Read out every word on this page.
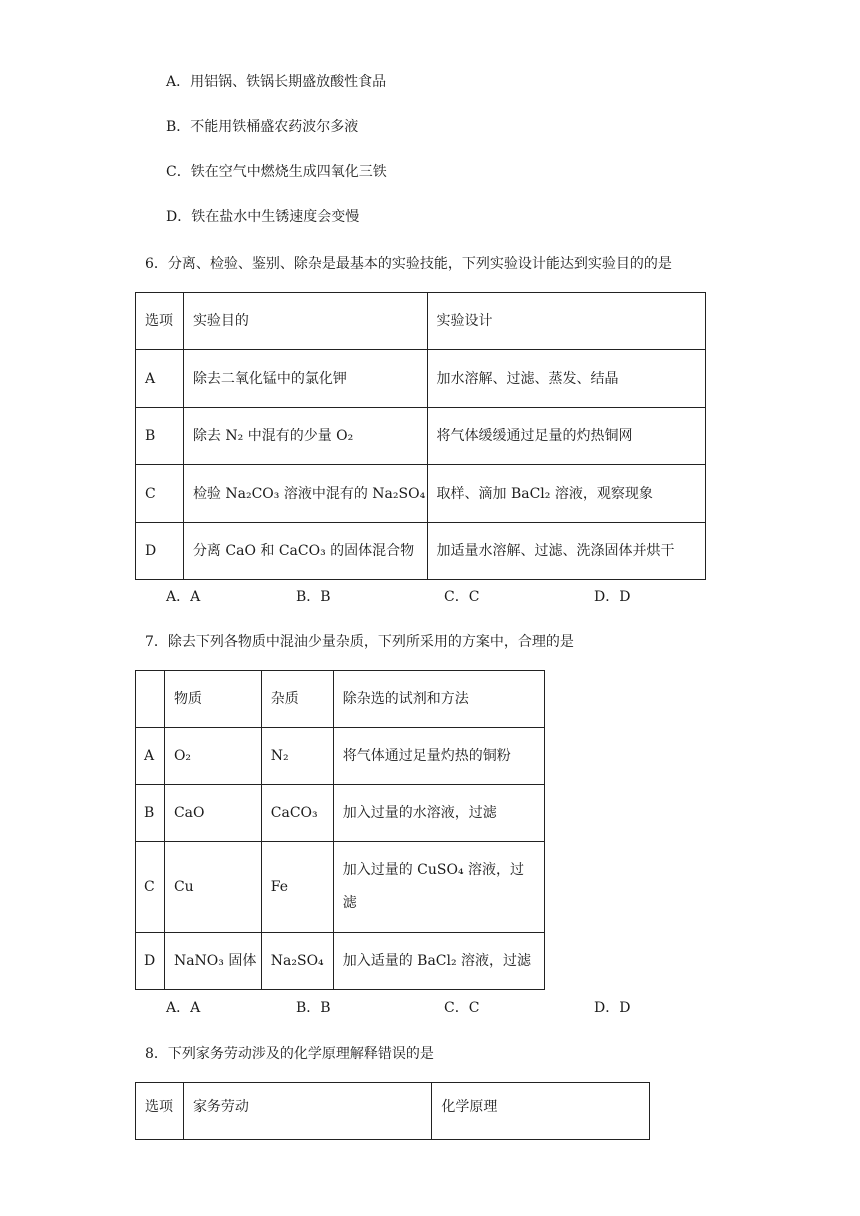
A．用铝锅、铁锅长期盛放酸性食品
B．不能用铁桶盛农药波尔多液
C．铁在空气中燃烧生成四氧化三铁
D．铁在盐水中生锈速度会变慢
6．分离、检验、鉴别、除杂是最基本的实验技能，下列实验设计能达到实验目的的是
选项	实验目的	实验设计
A	除去二氧化锰中的氯化钾	加水溶解、过滤、蒸发、结晶
B	除去 N₂ 中混有的少量 O₂	将气体缓缓通过足量的灼热铜网
C	检验 Na₂CO₃ 溶液中混有的 Na₂SO₄	取样、滴加 BaCl₂ 溶液，观察现象
D	分离 CaO 和 CaCO₃ 的固体混合物	加适量水溶解、过滤、洗涤固体并烘干
A．A	B．B	C．C	D．D
7．除去下列各物质中混油少量杂质，下列所采用的方案中，合理的是
	物质	杂质	除杂选的试剂和方法
A	O₂	N₂	将气体通过足量灼热的铜粉
B	CaO	CaCO₃	加入过量的水溶液，过滤
C	Cu	Fe	加入过量的 CuSO₄ 溶液，过滤
D	NaNO₃ 固体	Na₂SO₄	加入适量的 BaCl₂ 溶液，过滤
A．A	B．B	C．C	D．D
8．下列家务劳动涉及的化学原理解释错误的是
选项	家务劳动	化学原理
